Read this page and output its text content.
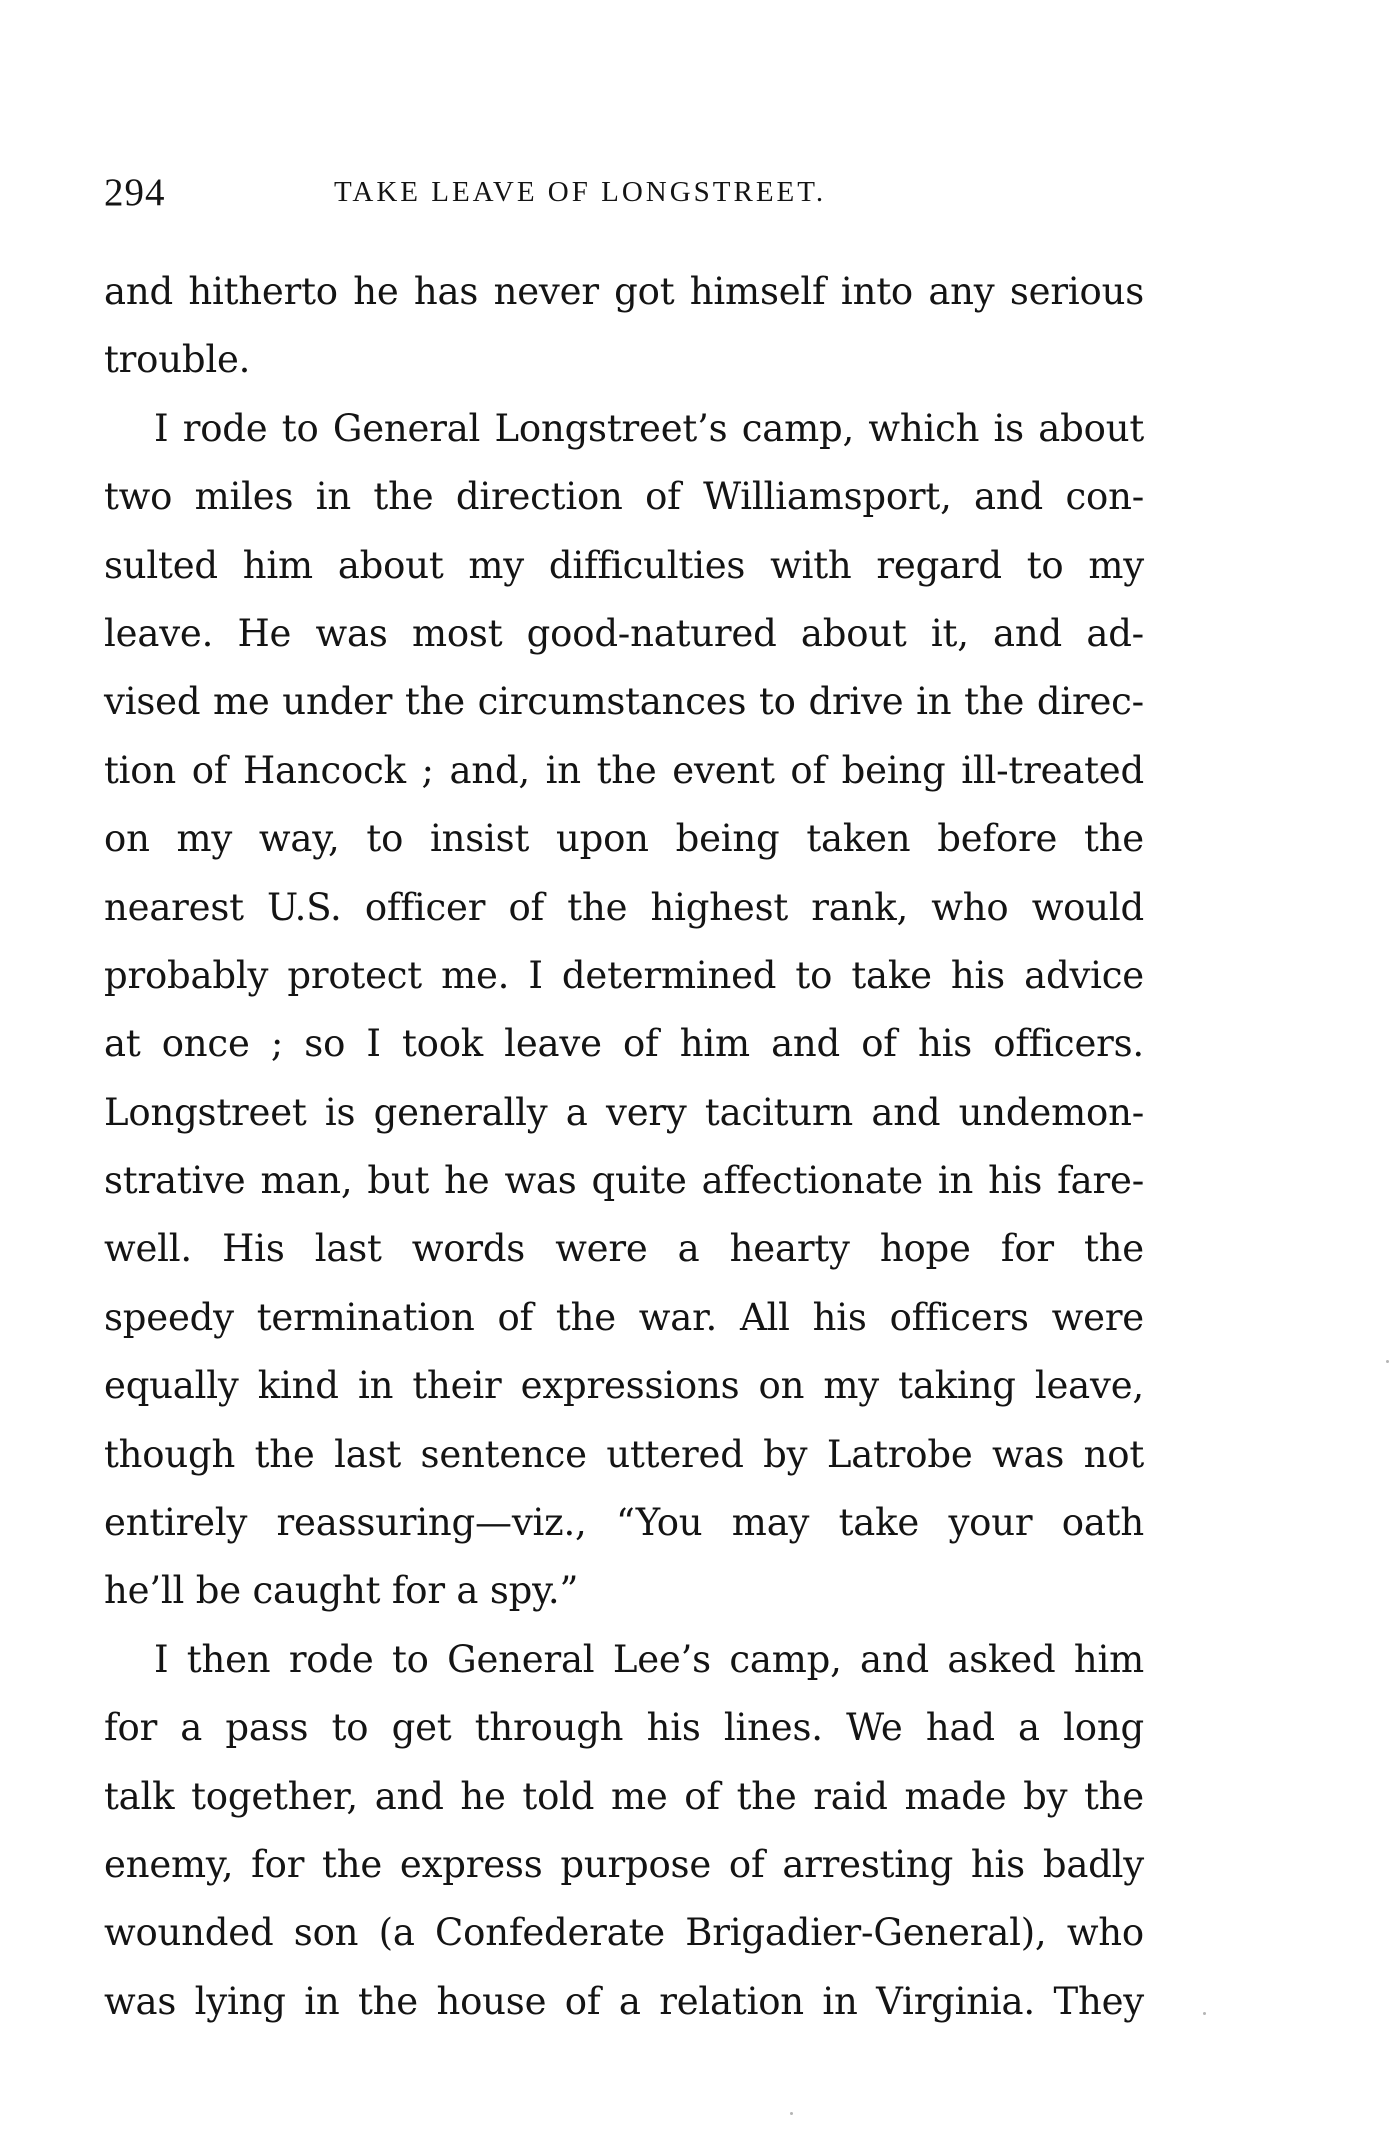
294	TAKE LEAVE OF LONGSTREET.
and hitherto he has never got himself into any serious
trouble.
I rode to General Longstreet’s camp, which is about
two miles in the direction of Williamsport, and con-
sulted him about my difficulties with regard to my
leave. He was most good-natured about it, and ad-
vised me under the circumstances to drive in the direc-
tion of Hancock ; and, in the event of being ill-treated
on my way, to insist upon being taken before the
nearest U.S. officer of the highest rank, who would
probably protect me. I determined to take his advice
at once ; so I took leave of him and of his officers.
Longstreet is generally a very taciturn and undemon-
strative man, but he was quite affectionate in his fare-
well. His last words were a hearty hope for the
speedy termination of the war. All his officers were
equally kind in their expressions on my taking leave,
though the last sentence uttered by Latrobe was not
entirely reassuring—viz., “You may take your oath
he’ll be caught for a spy.”
I then rode to General Lee’s camp, and asked him
for a pass to get through his lines. We had a long
talk together, and he told me of the raid made by the
enemy, for the express purpose of arresting his badly
wounded son (a Confederate Brigadier-General), who
was lying in the house of a relation in Virginia. They
